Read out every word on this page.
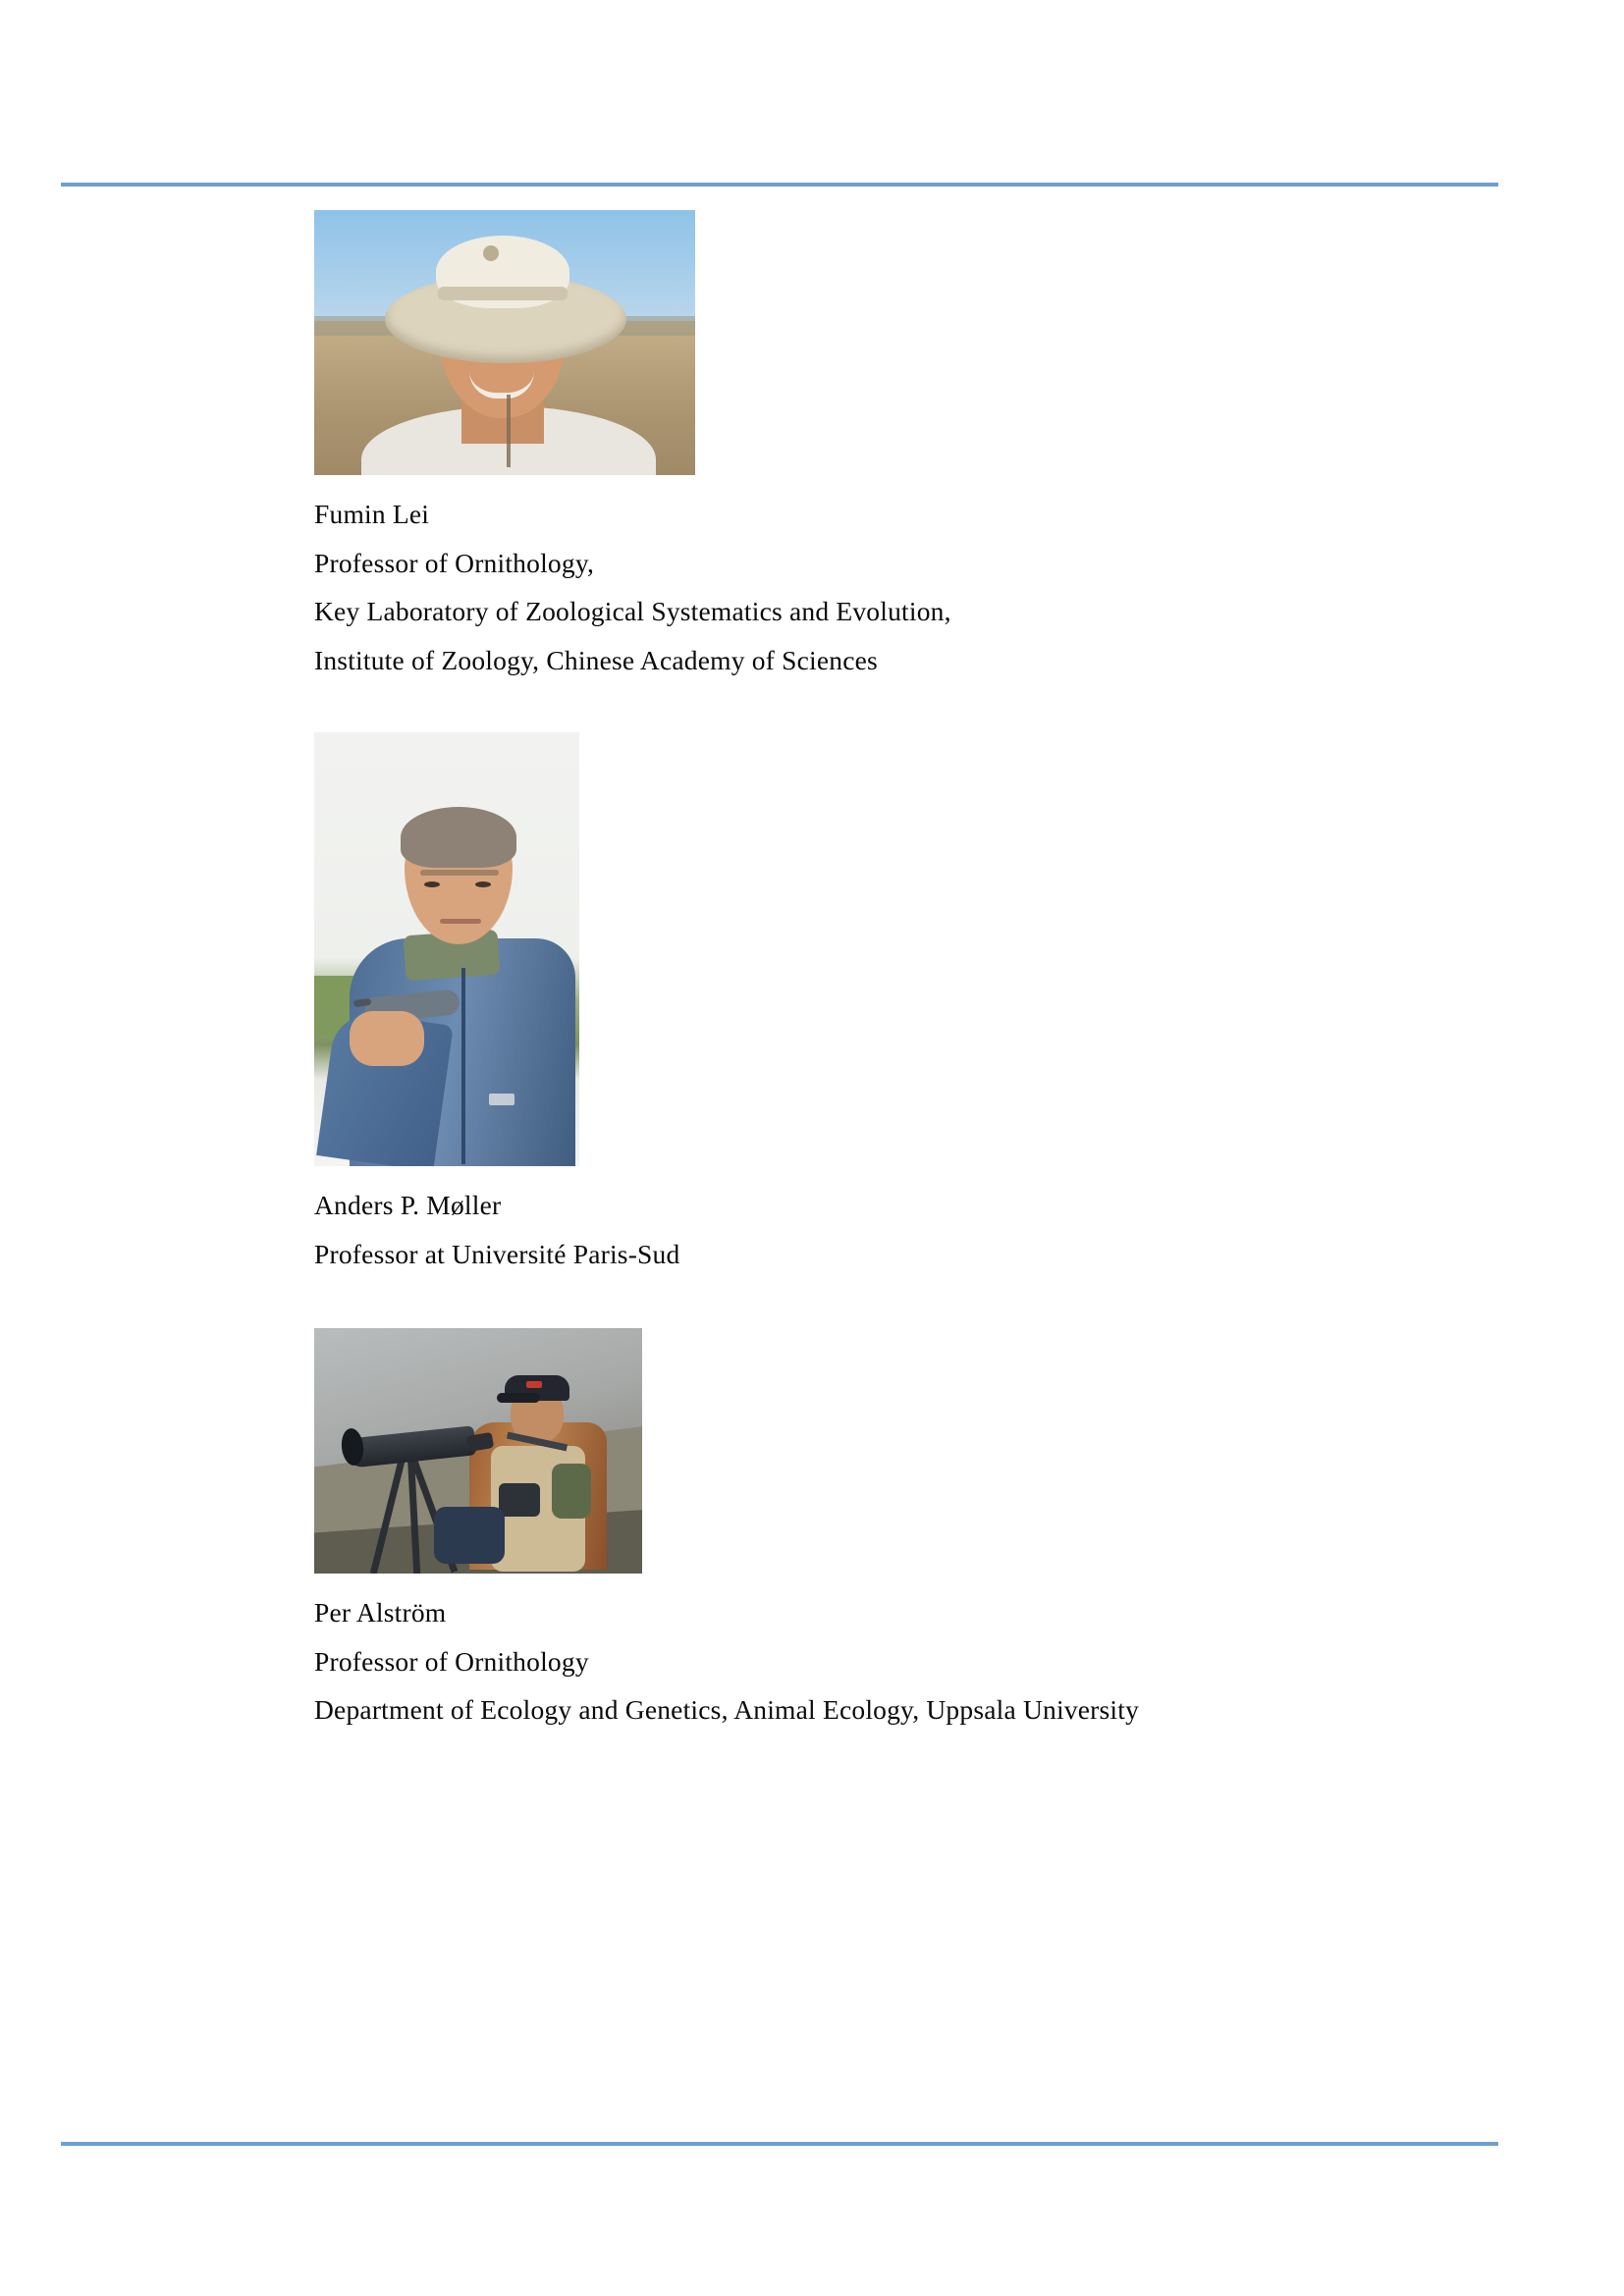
Fumin Lei
Professor of Ornithology,
Key Laboratory of Zoological Systematics and Evolution,
Institute of Zoology, Chinese Academy of Sciences
Anders P. Møller
Professor at Université Paris-Sud
Per Alström
Professor of Ornithology
Department of Ecology and Genetics, Animal Ecology, Uppsala University
